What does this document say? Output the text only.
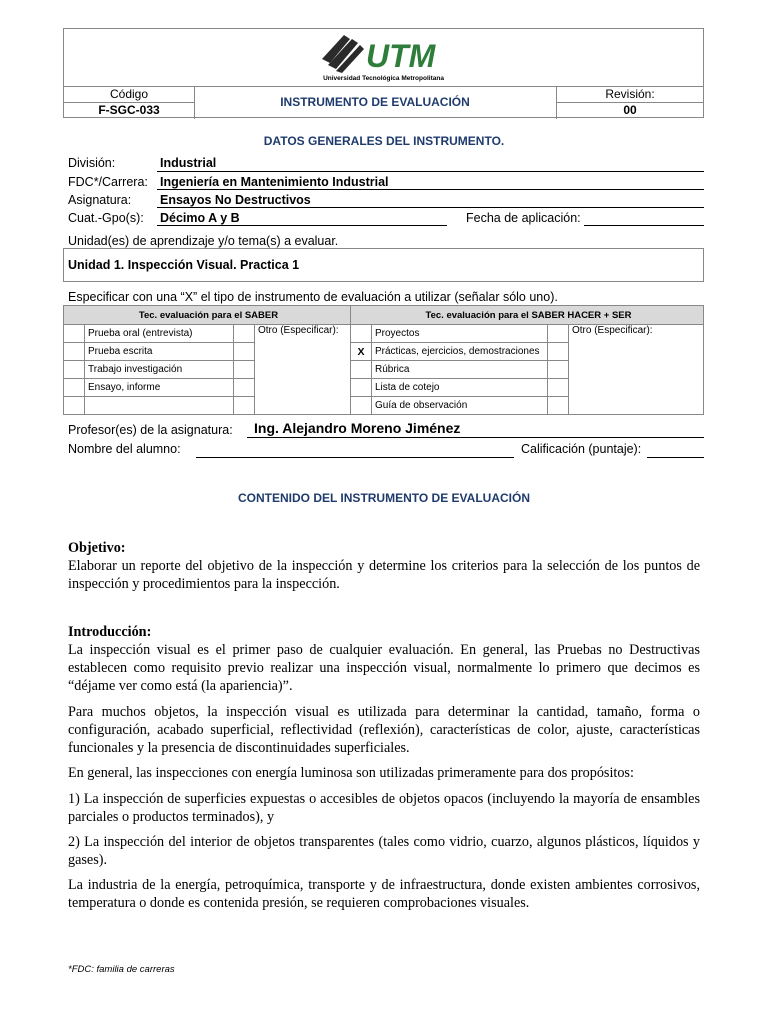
UTM
Universidad Tecnológica Metropolitana
Código
F-SGC-033
INSTRUMENTO DE EVALUACIÓN
Revisión:
00
DATOS GENERALES DEL INSTRUMENTO.
División:	Industrial
FDC*/Carrera: Ingeniería en Mantenimiento Industrial
Asignatura: Ensayos No Destructivos
Cuat.-Gpo(s): Décimo A y B	Fecha de aplicación:
Unidad(es) de aprendizaje y/o tema(s) a evaluar.
Unidad 1. Inspección Visual. Practica 1
Especificar con una “X” el tipo de instrumento de evaluación a utilizar (señalar sólo uno).
Tec. evaluación para el SABER				Tec. evaluación para el SABER HACER + SER			
	Prueba oral (entrevista)		Otro (Especificar):		Proyectos		Otro (Especificar):
	Prueba escrita			X	Prácticas, ejercicios, demostraciones		
	Trabajo investigación				Rúbrica		
	Ensayo, informe				Lista de cotejo		
					Guía de observación		
Profesor(es) de la asignatura: Ing. Alejandro Moreno Jiménez
Nombre del alumno:	Calificación (puntaje):
CONTENIDO DEL INSTRUMENTO DE EVALUACIÓN
Objetivo:
Elaborar un reporte del objetivo de la inspección y determine los criterios para la selección de los puntos de inspección y procedimientos para la inspección.
Introducción:
La inspección visual es el primer paso de cualquier evaluación. En general, las Pruebas no Destructivas establecen como requisito previo realizar una inspección visual, normalmente lo primero que decimos es “déjame ver como está (la apariencia)”.
Para muchos objetos, la inspección visual es utilizada para determinar la cantidad, tamaño, forma o configuración, acabado superficial, reflectividad (reflexión), características de color, ajuste, características funcionales y la presencia de discontinuidades superficiales.
En general, las inspecciones con energía luminosa son utilizadas primeramente para dos propósitos:
1) La inspección de superficies expuestas o accesibles de objetos opacos (incluyendo la mayoría de ensambles parciales o productos terminados), y
2) La inspección del interior de objetos transparentes (tales como vidrio, cuarzo, algunos plásticos, líquidos y gases).
La industria de la energía, petroquímica, transporte y de infraestructura, donde existen ambientes corrosivos, temperatura o donde es contenida presión, se requieren comprobaciones visuales.
*FDC: familia de carreras
